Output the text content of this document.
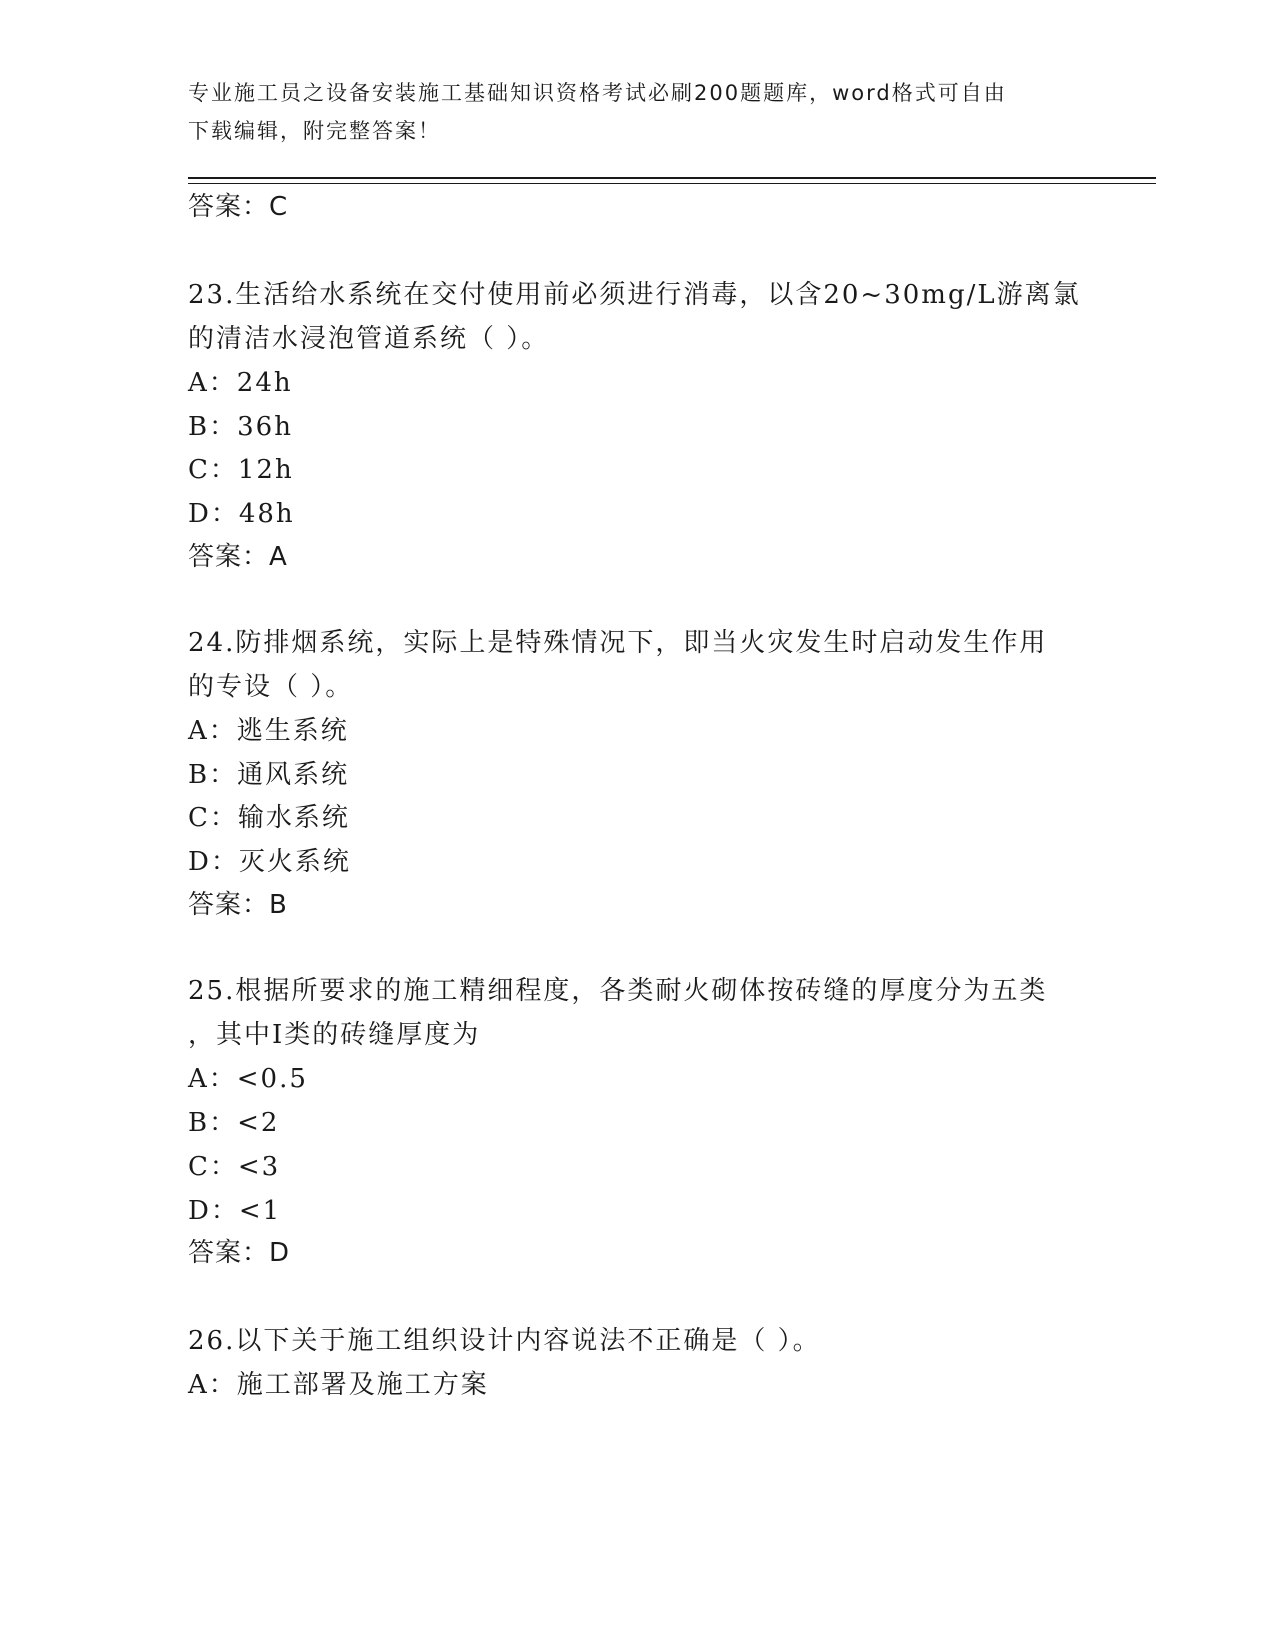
专业施工员之设备安装施工基础知识资格考试必刷200题题库，word格式可自由
下载编辑，附完整答案！
答案：C
23.生活给水系统在交付使用前必须进行消毒，以含20~30mg/L游离氯
的清洁水浸泡管道系统（ ）。
A：24h
B：36h
C：12h
D：48h
答案：A
24.防排烟系统，实际上是特殊情况下，即当火灾发生时启动发生作用
的专设（ ）。
A：逃生系统
B：通风系统
C：输水系统
D：灭火系统
答案：B
25.根据所要求的施工精细程度，各类耐火砌体按砖缝的厚度分为五类
，其中Ⅰ类的砖缝厚度为
A：<0.5
B：<2
C：<3
D：<1
答案：D
26.以下关于施工组织设计内容说法不正确是（ ）。
A：施工部署及施工方案
